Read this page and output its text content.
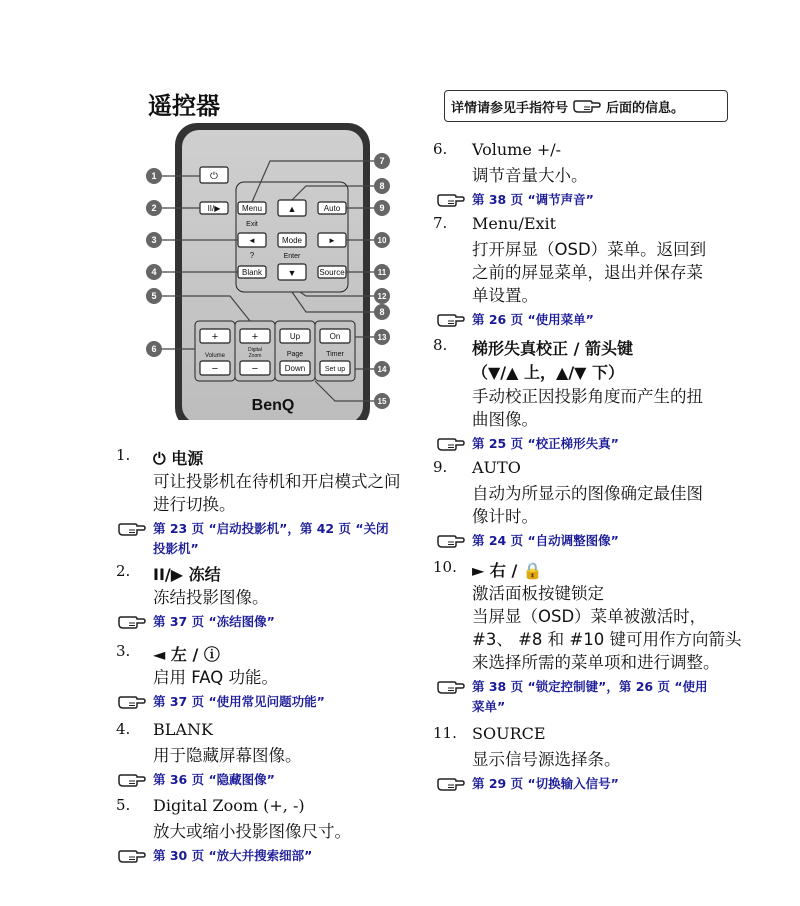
遥控器	详情请参见手指符号	后面的信息。
⏻
II/▶	Menu
Exit
▲	Auto
◄
?
Mode
Enter
►
Blank	▼	Source
+
Volume
−
+
Digital
Zoom
−
Up
Page
Down
On
Timer
Set up
BenQ
1
2
3
4
5
6
7
8
9
10
11
12
8
13
14
15
1. ⏻ 电源
可让投影机在待机和开启模式之间
进行切换。
第 23 页 “启动投影机”，第 42 页 “关闭
投影机”
2. II/▶ 冻结
冻结投影图像。
第 37 页 “冻结图像”
3. ◄ 左 / ⓘ
启用 FAQ 功能。
第 37 页 “使用常见问题功能”
4. BLANK
用于隐藏屏幕图像。
第 36 页 “隐藏图像”
5. Digital Zoom (+, -)
放大或缩小投影图像尺寸。
第 30 页 “放大并搜索细部”
6. Volume +/-
调节音量大小。
第 38 页 “调节声音”
7. Menu/Exit
打开屏显（OSD）菜单。返回到
之前的屏显菜单，退出并保存菜
单设置。
第 26 页 “使用菜单”
8. 梯形失真校正 / 箭头键
（▼/▲ 上，▲/▼ 下）
手动校正因投影角度而产生的扭
曲图像。
第 25 页 “校正梯形失真”
9. AUTO
自动为所显示的图像确定最佳图
像计时。
第 24 页 “自动调整图像”
10. ► 右 / 🔒
激活面板按键锁定
当屏显（OSD）菜单被激活时，
#3、 #8 和 #10 键可用作方向箭头
来选择所需的菜单项和进行调整。
第 38 页 “锁定控制键”，第 26 页 “使用
菜单”
11. SOURCE
显示信号源选择条。
第 29 页 “切换输入信号”
